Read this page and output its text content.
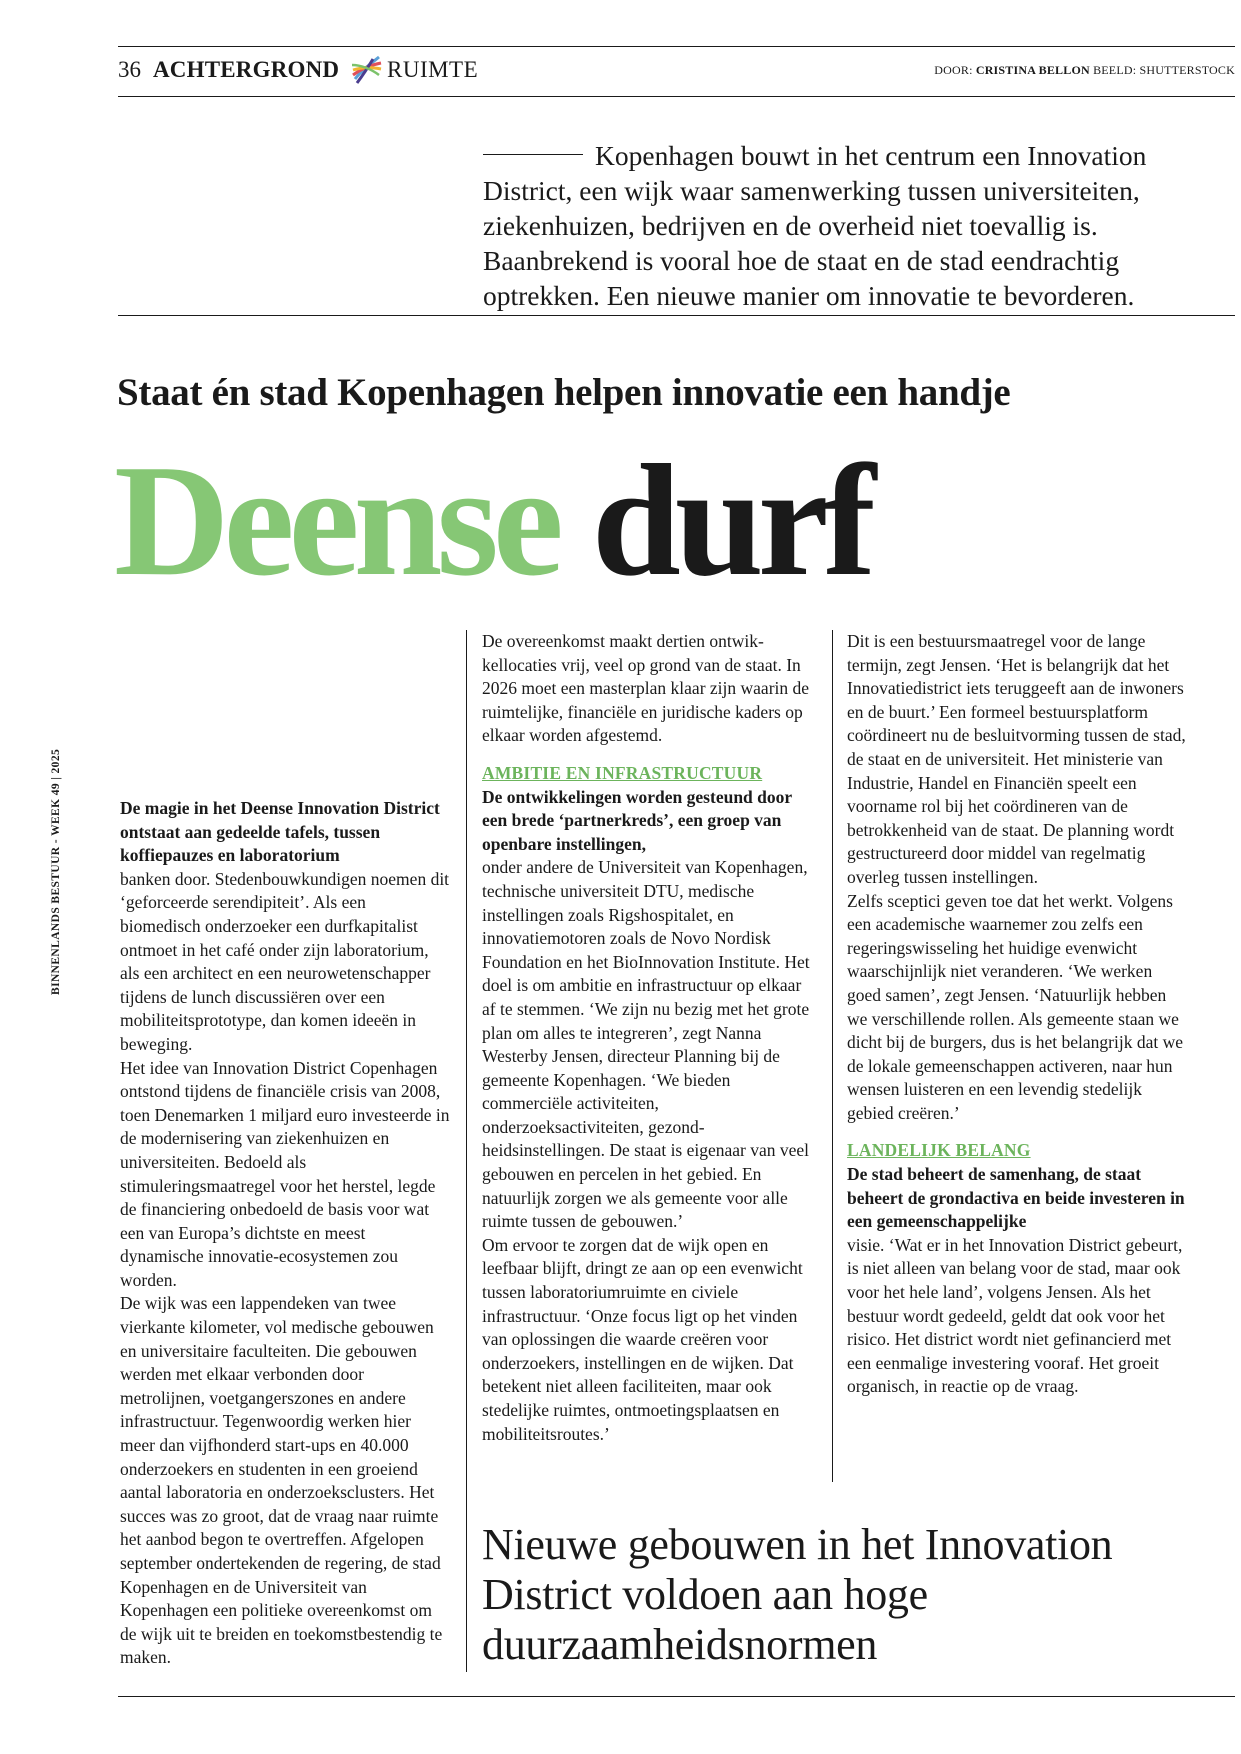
36 ACHTERGROND RUIMTE	DOOR: CRISTINA BELLON BEELD: SHUTTERSTOCK
Kopenhagen bouwt in het centrum een Innovation District, een wijk waar samenwerking tussen universiteiten, ziekenhuizen, bedrijven en de overheid niet toevallig is. Baanbrekend is vooral hoe de staat en de stad eendrachtig optrekken. Een nieuwe manier om innovatie te bevorderen.
Staat én stad Kopenhagen helpen innovatie een handje
Deense durf
BINNENLANDS BESTUUR - WEEK 49 | 2025	De magie in het Deense Innovation District ontstaat aan gedeelde tafels, tussen koffiepauzes en laboratorium

banken door. Stedenbouwkundigen noemen dit ‘geforceerde serendipiteit’. Als een biomedisch onderzoeker een durfkapitalist ontmoet in het café onder zijn laboratorium, als een architect en een neurowetenschapper tijdens de lunch discussiëren over een mobiliteitsprototype, dan komen ideeën in beweging.

Het idee van Innovation District Copenhagen ontstond tijdens de financiële crisis van 2008, toen Denemarken 1 miljard euro investeerde in de modernisering van ziekenhuizen en universiteiten. Bedoeld als stimuleringsmaatregel voor het herstel, legde de financiering onbedoeld de basis voor wat een van Europa’s dichtste en meest dynamische innovatie-ecosystemen zou worden.

De wijk was een lappendeken van twee vierkante kilometer, vol medische gebouwen en universitaire faculteiten. Die gebouwen werden met elkaar verbonden door metrolijnen, voetgangerszones en andere infrastructuur. Tegenwoordig werken hier meer dan vijfhonderd start-ups en 40.000 onderzoekers en studenten in een groeiend aantal laboratoria en onderzoeksclusters. Het succes was zo groot, dat de vraag naar ruimte het aanbod begon te overtreffen. Afgelopen september ondertekenden de regering, de stad Kopenhagen en de Universiteit van Kopenhagen een politieke overeenkomst om de wijk uit te breiden en toekomstbestendig te maken.

De overeenkomst maakt dertien ontwikkellocaties vrij, veel op grond van de staat. In 2026 moet een masterplan klaar zijn waarin de ruimtelijke, financiële en juridische kaders op elkaar worden afgestemd.

AMBITIE EN INFRASTRUCTUUR

De ontwikkelingen worden gesteund door een brede ‘partnerkreds’, een groep van openbare instellingen,

onder andere de Universiteit van Kopenhagen, technische universiteit DTU, medische instellingen zoals Rigshospitalet, en innovatiemotoren zoals de Novo Nordisk Foundation en het BioInnovation Institute. Het doel is om ambitie en infrastructuur op elkaar af te stemmen. ‘We zijn nu bezig met het grote plan om alles te integreren’, zegt Nanna Westerby Jensen, directeur Planning bij de gemeente Kopenhagen. ‘We bieden commerciële activiteiten, onderzoeksactiviteiten, gezondheidsinstellingen. De staat is eigenaar van veel gebouwen en percelen in het gebied. En natuurlijk zorgen we als gemeente voor alle ruimte tussen de gebouwen.’

Om ervoor te zorgen dat de wijk open en leefbaar blijft, dringt ze aan op een evenwicht tussen laboratoriumruimte en civiele infrastructuur. ‘Onze focus ligt op het vinden van oplossingen die waarde creëren voor onderzoekers, instellingen en de wijken. Dat betekent niet alleen faciliteiten, maar ook stedelijke ruimtes, ontmoetingsplaatsen en mobiliteitsroutes.’

Dit is een bestuursmaatregel voor de lange termijn, zegt Jensen. ‘Het is belangrijk dat het Innovatiedistrict iets teruggeeft aan de inwoners en de buurt.’ Een formeel bestuursplatform coördineert nu de besluitvorming tussen de stad, de staat en de universiteit. Het ministerie van Industrie, Handel en Financiën speelt een voorname rol bij het coördineren van de betrokkenheid van de staat. De planning wordt gestructureerd door middel van regelmatig overleg tussen instellingen.

Zelfs sceptici geven toe dat het werkt. Volgens een academische waarnemer zou zelfs een regeringswisseling het huidige evenwicht waarschijnlijk niet veranderen. ‘We werken goed samen’, zegt Jensen. ‘Natuurlijk hebben we verschillende rollen. Als gemeente staan we dicht bij de burgers, dus is het belangrijk dat we de lokale gemeenschappen activeren, naar hun wensen luisteren en een levendig stedelijk gebied creëren.’

LANDELIJK BELANG

De stad beheert de samenhang, de staat beheert de grondactiva en beide investeren in een gemeenschappelijke

visie. ‘Wat er in het Innovation District gebeurt, is niet alleen van belang voor de stad, maar ook voor het hele land’, volgens Jensen. Als het bestuur wordt gedeeld, geldt dat ook voor het risico. Het district wordt niet gefinancierd met een eenmalige investering vooraf. Het groeit organisch, in reactie op de vraag.

Nieuwe gebouwen in het Innovation District voldoen aan hoge duurzaamheidsnormen
